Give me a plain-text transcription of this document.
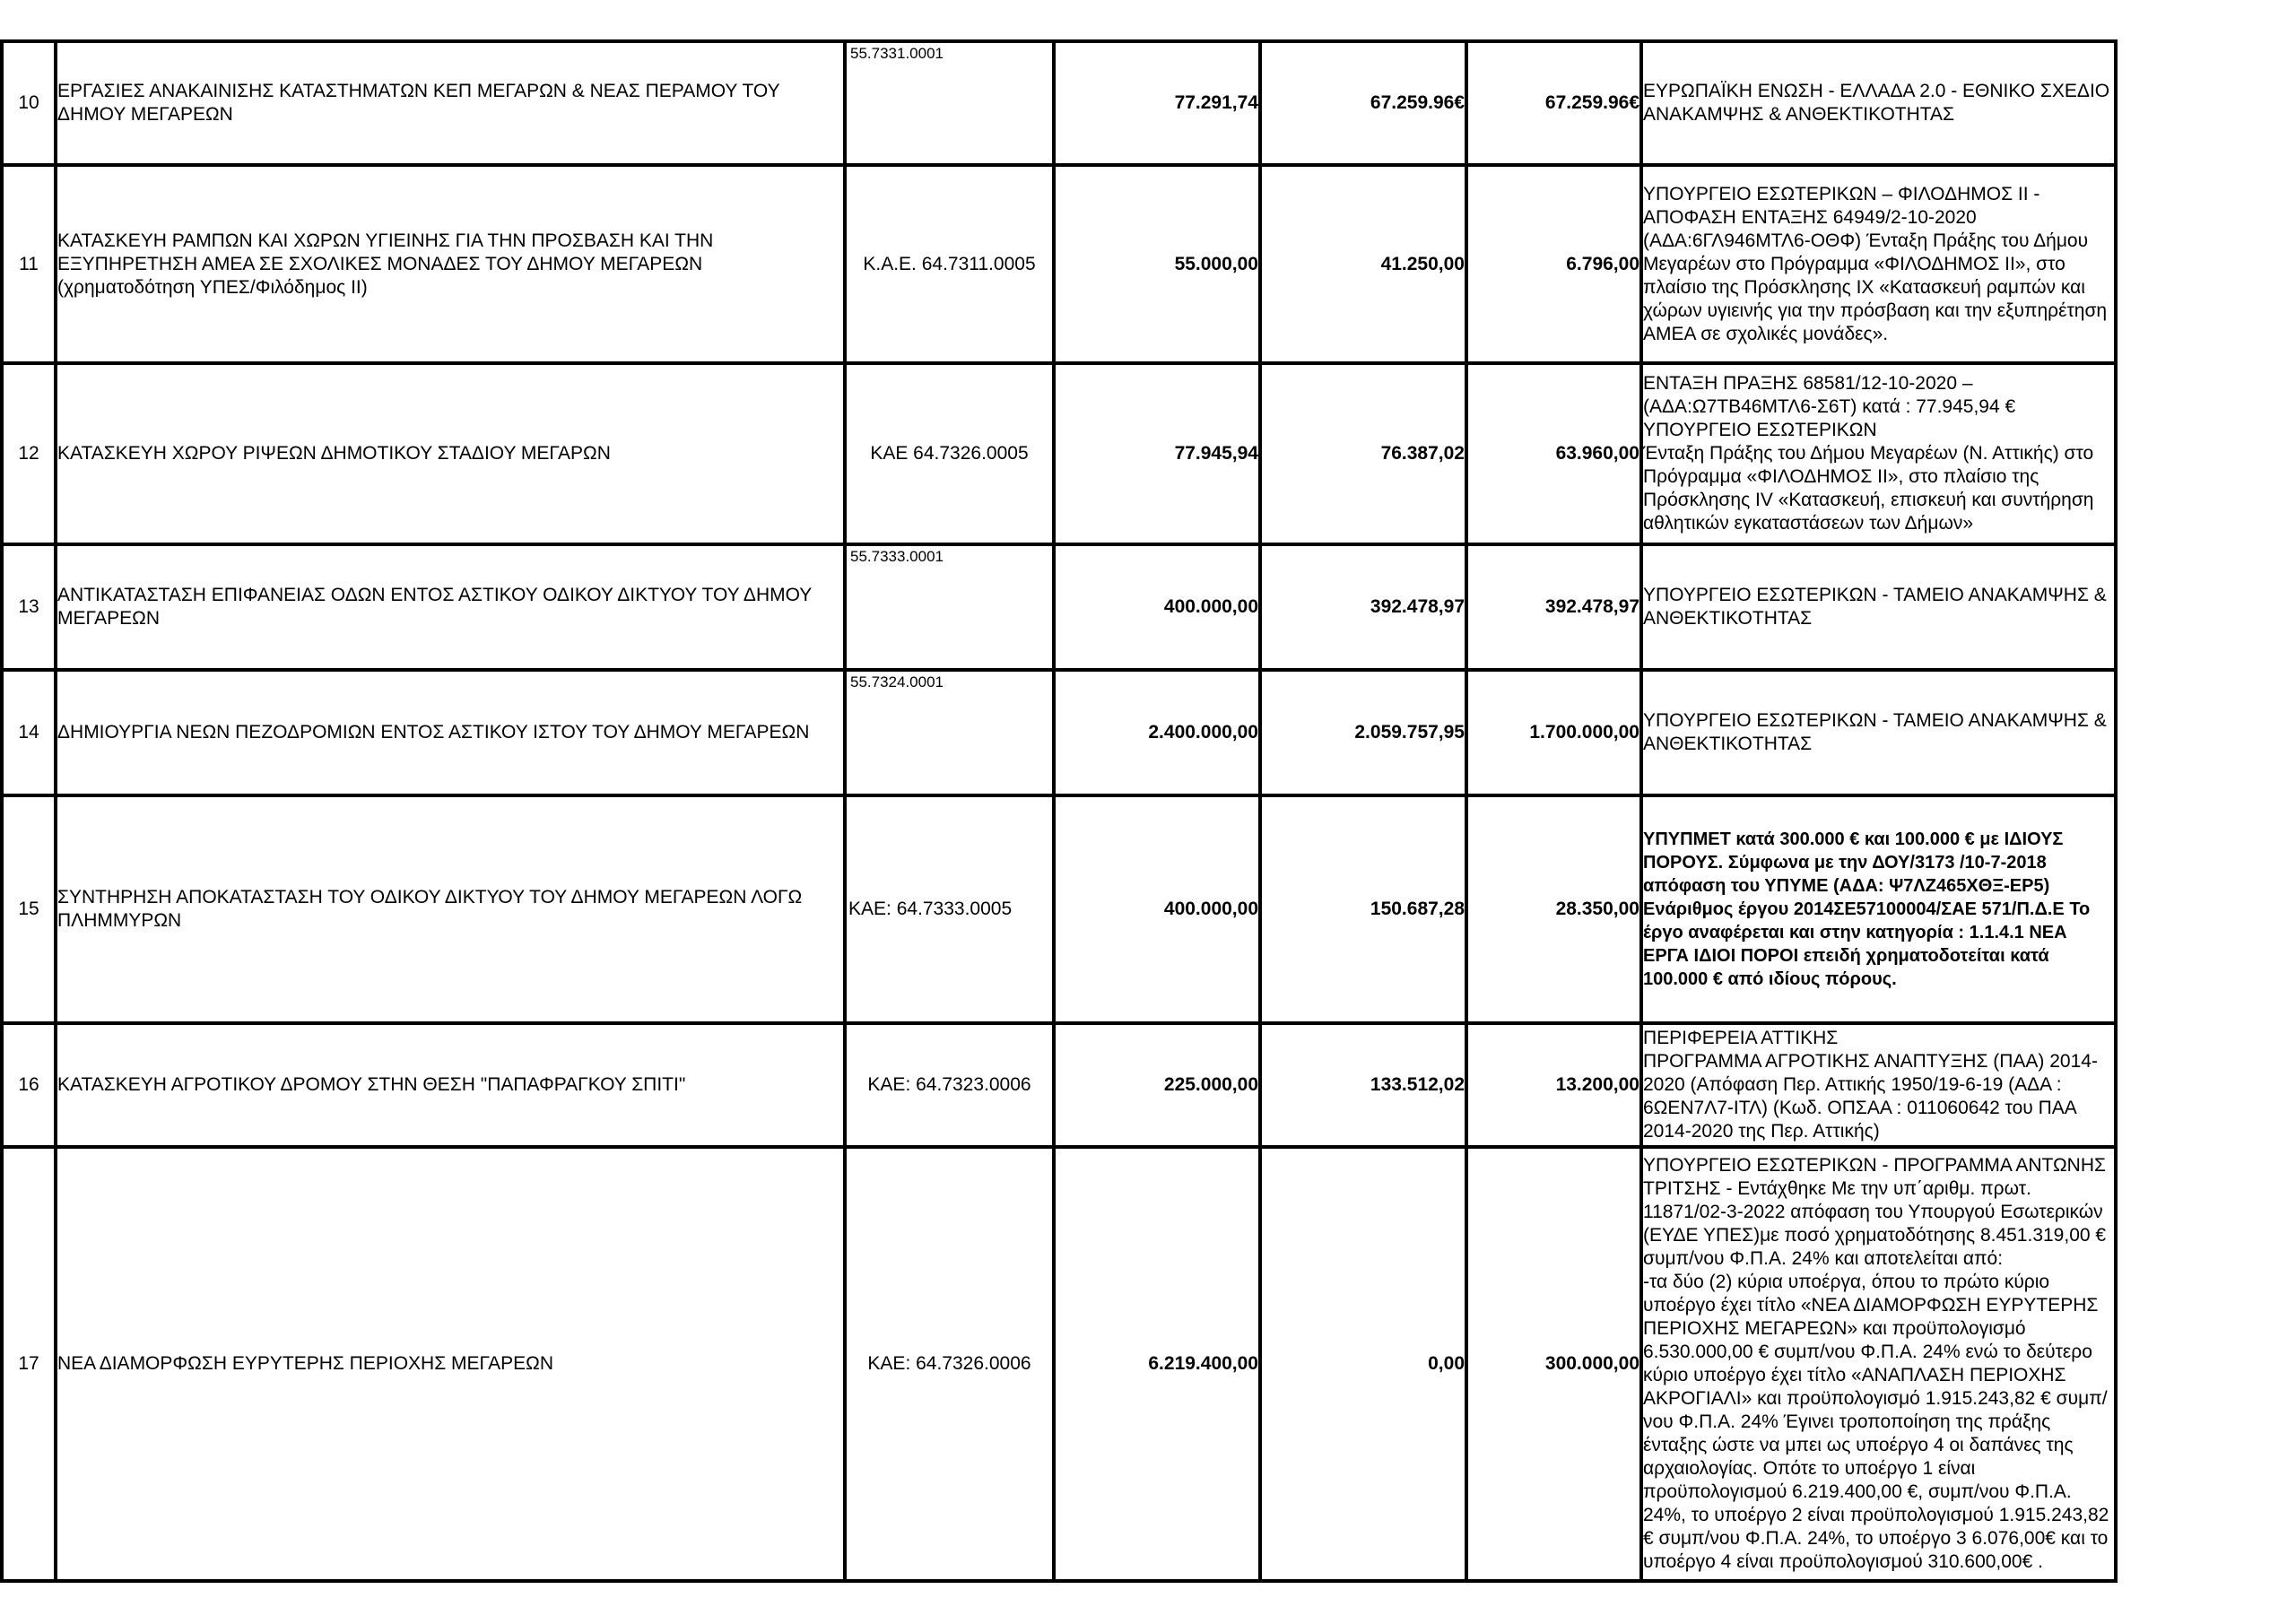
10	ΕΡΓΑΣΙΕΣ ΑΝΑΚΑΙΝΙΣΗΣ ΚΑΤΑΣΤΗΜΑΤΩΝ ΚΕΠ ΜΕΓΑΡΩΝ & ΝΕΑΣ ΠΕΡΑΜΟΥ ΤΟΥ ΔΗΜΟΥ ΜΕΓΑΡΕΩΝ	55.7331.0001	77.291,74	67.259.96€	67.259.96€	ΕΥΡΩΠΑΪΚΗ ΕΝΩΣΗ - ΕΛΛΑΔΑ 2.0 - ΕΘΝΙΚΟ ΣΧΕΔΙΟ ΑΝΑΚΑΜΨΗΣ & ΑΝΘΕΚΤΙΚΟΤΗΤΑΣ
11	ΚΑΤΑΣΚΕΥΗ ΡΑΜΠΩΝ ΚΑΙ ΧΩΡΩΝ ΥΓΙΕΙΝΗΣ ΓΙΑ ΤΗΝ ΠΡΟΣΒΑΣΗ ΚΑΙ ΤΗΝ ΕΞΥΠΗΡΕΤΗΣΗ ΑΜΕΑ ΣΕ ΣΧΟΛΙΚΕΣ ΜΟΝΑΔΕΣ ΤΟΥ ΔΗΜΟΥ ΜΕΓΑΡΕΩΝ (χρηματοδότηση ΥΠΕΣ/Φιλόδημος ΙΙ)	Κ.Α.Ε. 64.7311.0005	55.000,00	41.250,00	6.796,00	ΥΠΟΥΡΓΕΙΟ ΕΣΩΤΕΡΙΚΩΝ – ΦΙΛΟΔΗΜΟΣ ΙΙ - ΑΠΟΦΑΣΗ ΕΝΤΑΞΗΣ 64949/2-10-2020 (ΑΔΑ:6ΓΛ946ΜΤΛ6-ΟΘΦ) Ένταξη Πράξης του Δήμου Μεγαρέων στο Πρόγραμμα «ΦΙΛΟΔΗΜΟΣ ΙΙ», στο πλαίσιο της Πρόσκλησης ΙΧ «Κατασκευή ραμπών και χώρων υγιεινής για την πρόσβαση και την εξυπηρέτηση ΑΜΕΑ σε σχολικές μονάδες».
12	ΚΑΤΑΣΚΕΥΗ ΧΩΡΟΥ ΡΙΨΕΩΝ ΔΗΜΟΤΙΚΟΥ ΣΤΑΔΙΟΥ ΜΕΓΑΡΩΝ	ΚΑΕ 64.7326.0005	77.945,94	76.387,02	63.960,00	ΕΝΤΑΞΗ ΠΡΑΞΗΣ 68581/12-10-2020 –
(ΑΔΑ:Ω7ΤΒ46ΜΤΛ6-Σ6Τ) κατά : 77.945,94 €
ΥΠΟΥΡΓΕΙΟ ΕΣΩΤΕΡΙΚΩΝ
Ένταξη Πράξης του Δήμου Μεγαρέων (Ν. Αττικής) στο Πρόγραμμα «ΦΙΛΟΔΗΜΟΣ ΙΙ», στο πλαίσιο της Πρόσκλησης IV «Κατασκευή, επισκευή και συντήρηση αθλητικών εγκαταστάσεων των Δήμων»
13	ΑΝΤΙΚΑΤΑΣΤΑΣΗ ΕΠΙΦΑΝΕΙΑΣ ΟΔΩΝ ΕΝΤΟΣ ΑΣΤΙΚΟΥ ΟΔΙΚΟΥ ΔΙΚΤΥΟΥ ΤΟΥ ΔΗΜΟΥ ΜΕΓΑΡΕΩΝ	55.7333.0001	400.000,00	392.478,97	392.478,97	ΥΠΟΥΡΓΕΙΟ ΕΣΩΤΕΡΙΚΩΝ - ΤΑΜΕΙΟ ΑΝΑΚΑΜΨΗΣ & ΑΝΘΕΚΤΙΚΟΤΗΤΑΣ
14	ΔΗΜΙΟΥΡΓΙΑ ΝΕΩΝ ΠΕΖΟΔΡΟΜΙΩΝ ΕΝΤΟΣ ΑΣΤΙΚΟΥ ΙΣΤΟΥ ΤΟΥ ΔΗΜΟΥ ΜΕΓΑΡΕΩΝ	55.7324.0001	2.400.000,00	2.059.757,95	1.700.000,00	ΥΠΟΥΡΓΕΙΟ ΕΣΩΤΕΡΙΚΩΝ - ΤΑΜΕΙΟ ΑΝΑΚΑΜΨΗΣ & ΑΝΘΕΚΤΙΚΟΤΗΤΑΣ
15	ΣΥΝΤΗΡΗΣΗ ΑΠΟΚΑΤΑΣΤΑΣΗ ΤΟΥ ΟΔΙΚΟΥ ΔΙΚΤΥΟΥ ΤΟΥ ΔΗΜΟΥ ΜΕΓΑΡΕΩΝ ΛΟΓΩ ΠΛΗΜΜΥΡΩΝ	ΚΑΕ: 64.7333.0005	400.000,00	150.687,28	28.350,00	ΥΠΥΠΜΕΤ κατά 300.000 € και 100.000 € με ΙΔΙΟΥΣ ΠΟΡΟΥΣ. Σύμφωνα με την ΔΟΥ/3173 /10-7-2018 απόφαση του ΥΠΥΜΕ (ΑΔΑ: Ψ7ΛΖ465ΧΘΞ-ΕΡ5) Ενάριθμος έργου 2014ΣΕ57100004/ΣΑΕ 571/Π.Δ.Ε Το έργο αναφέρεται και στην κατηγορία : 1.1.4.1 ΝΕΑ ΕΡΓΑ ΙΔΙΟΙ ΠΟΡΟΙ επειδή χρηματοδοτείται κατά 100.000 € από ιδίους πόρους.
16	ΚΑΤΑΣΚΕΥΗ ΑΓΡΟΤΙΚΟΥ ΔΡΟΜΟΥ ΣΤΗΝ ΘΕΣΗ "ΠΑΠΑΦΡΑΓΚΟΥ ΣΠΙΤΙ"	ΚΑΕ: 64.7323.0006	225.000,00	133.512,02	13.200,00	ΠΕΡΙΦΕΡΕΙΑ ΑΤΤΙΚΗΣ
ΠΡΟΓΡΑΜΜΑ ΑΓΡΟΤΙΚΗΣ ΑΝΑΠΤΥΞΗΣ (ΠΑΑ) 2014-2020 (Απόφαση Περ. Αττικής 1950/19-6-19 (ΑΔΑ : 6ΩΕΝ7Λ7-ΙΤΛ) (Κωδ. ΟΠΣΑΑ : 011060642 του ΠΑΑ 2014-2020 της Περ. Αττικής)
17	ΝΕΑ ΔΙΑΜΟΡΦΩΣΗ ΕΥΡΥΤΕΡΗΣ ΠΕΡΙΟΧΗΣ ΜΕΓΑΡΕΩΝ	ΚΑΕ: 64.7326.0006	6.219.400,00	0,00	300.000,00	ΥΠΟΥΡΓΕΙΟ ΕΣΩΤΕΡΙΚΩΝ - ΠΡΟΓΡΑΜΜΑ ΑΝΤΩΝΗΣ ΤΡΙΤΣΗΣ - Εντάχθηκε Με την υπ΄αριθμ. πρωτ. 11871/02-3-2022 απόφαση του Υπουργού Εσωτερικών (ΕΥΔΕ ΥΠΕΣ)με ποσό χρηματοδότησης 8.451.319,00 € συμπ/νου Φ.Π.Α. 24% και αποτελείται από:
-τα δύο (2) κύρια υποέργα, όπου το πρώτο κύριο υποέργο έχει τίτλο «ΝΕΑ ΔΙΑΜΟΡΦΩΣΗ ΕΥΡΥΤΕΡΗΣ ΠΕΡΙΟΧΗΣ ΜΕΓΑΡΕΩΝ» και προϋπολογισμό 6.530.000,00 € συμπ/νου Φ.Π.Α. 24% ενώ το δεύτερο κύριο υποέργο έχει τίτλο «ΑΝΑΠΛΑΣΗ ΠΕΡΙΟΧΗΣ ΑΚΡΟΓΙΑΛΙ» και προϋπολογισμό 1.915.243,82 € συμπ/νου Φ.Π.Α. 24% Έγινει τροποποίηση της πράξης ένταξης ώστε να μπει ως υποέργο 4 οι δαπάνες της αρχαιολογίας. Οπότε το υποέργο 1 είναι προϋπολογισμού 6.219.400,00 €, συμπ/νου Φ.Π.Α. 24%, το υποέργο 2 είναι προϋπολογισμού 1.915.243,82 € συμπ/νου Φ.Π.Α. 24%, το υποέργο 3 6.076,00€ και το υποέργο 4 είναι προϋπολογισμού 310.600,00€ .
